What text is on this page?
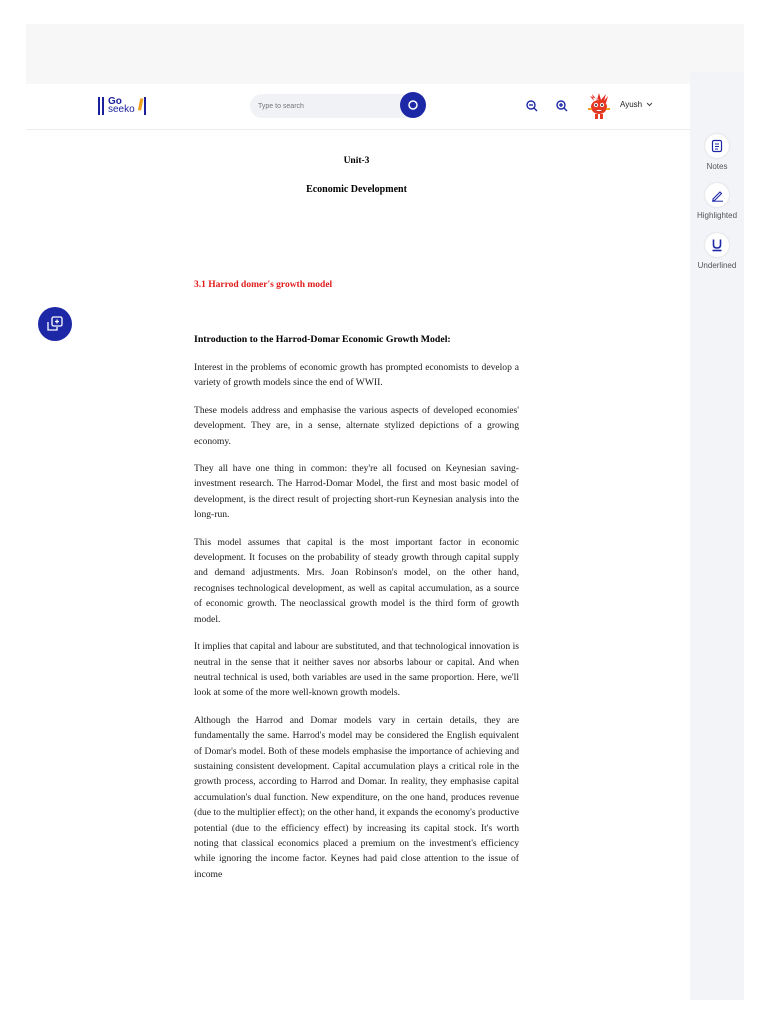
Go
seeko //
Type to search	Ayush
Notes
Highlighted
Underlined
Unit-3
Economic Development
3.1 Harrod domer's growth model
Introduction to the Harrod-Domar Economic Growth Model:

Interest in the problems of economic growth has prompted economists to develop a variety of growth models since the end of WWII.

These models address and emphasise the various aspects of developed economies' development. They are, in a sense, alternate stylized depictions of a growing economy.

They all have one thing in common: they're all focused on Keynesian saving-investment research. The Harrod-Domar Model, the first and most basic model of development, is the direct result of projecting short-run Keynesian analysis into the long-run.

This model assumes that capital is the most important factor in economic development. It focuses on the probability of steady growth through capital supply and demand adjustments. Mrs. Joan Robinson's model, on the other hand, recognises technological development, as well as capital accumulation, as a source of economic growth. The neoclassical growth model is the third form of growth model.

It implies that capital and labour are substituted, and that technological innovation is neutral in the sense that it neither saves nor absorbs labour or capital. And when neutral technical is used, both variables are used in the same proportion. Here, we'll look at some of the more well-known growth models.

Although the Harrod and Domar models vary in certain details, they are fundamentally the same. Harrod's model may be considered the English equivalent of Domar's model. Both of these models emphasise the importance of achieving and sustaining consistent development. Capital accumulation plays a critical role in the growth process, according to Harrod and Domar. In reality, they emphasise capital accumulation's dual function. New expenditure, on the one hand, produces revenue (due to the multiplier effect); on the other hand, it expands the economy's productive potential (due to the efficiency effect) by increasing its capital stock. It's worth noting that classical economics placed a premium on the investment's efficiency while ignoring the income factor. Keynes had paid close attention to the issue of income
